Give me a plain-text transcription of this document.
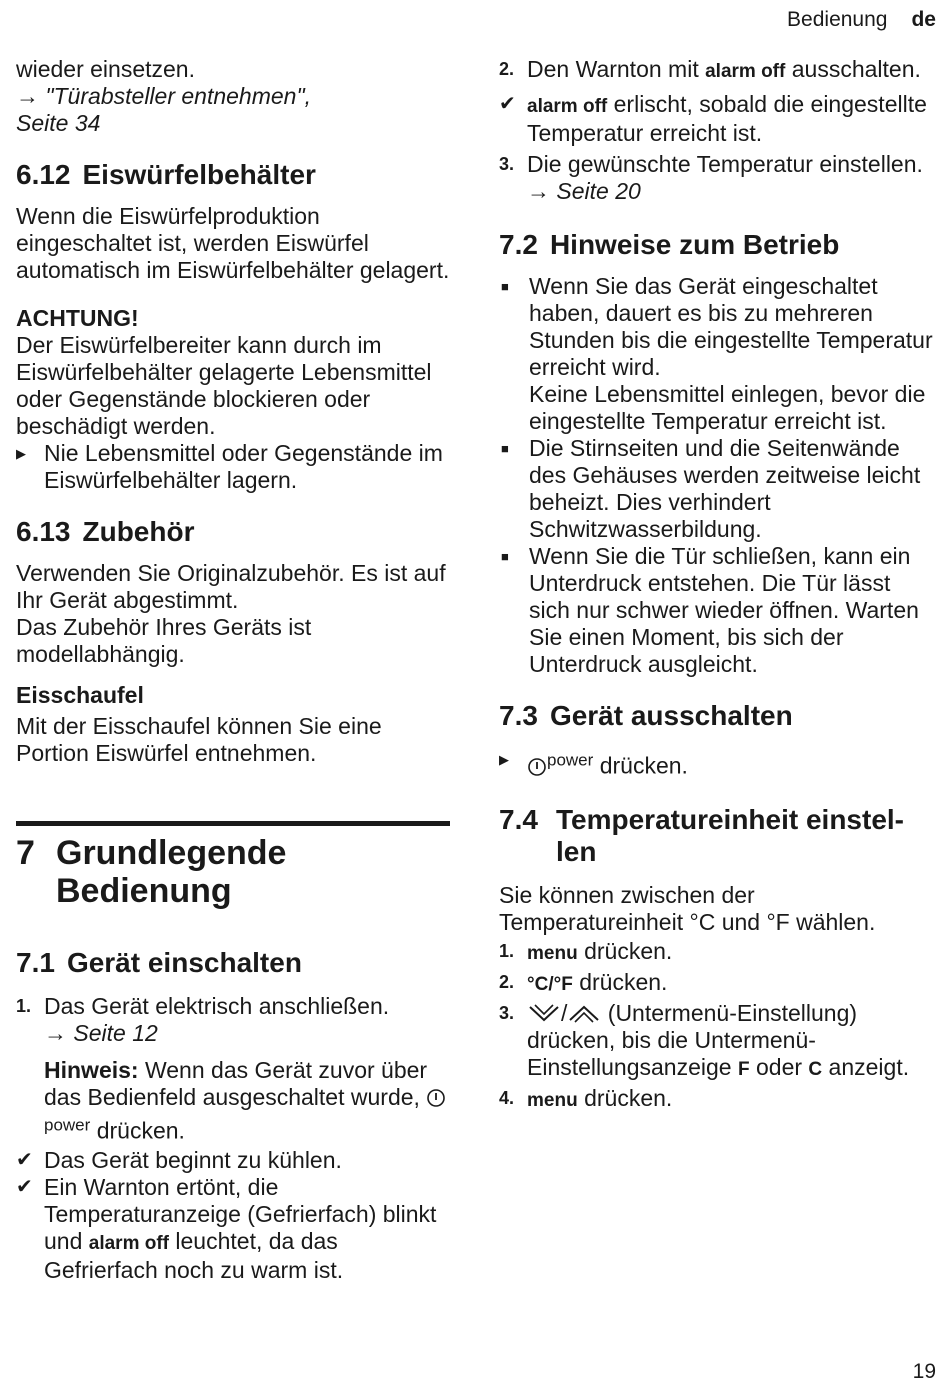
Bedienung de

wieder einsetzen.

→ "Türabsteller entnehmen", Seite 34

6.12 Eiswürfelbehälter

Wenn die Eiswürfelproduktion eingeschaltet ist, werden Eiswürfel automatisch im Eiswürfelbehälter gelagert.

ACHTUNG!

Der Eiswürfelbereiter kann durch im Eiswürfelbehälter gelagerte Lebensmittel oder Gegenstände blockieren oder beschädigt werden.

▶ Nie Lebensmittel oder Gegenstände im Eiswürfelbehälter lagern.
6.13 Zubehör

Verwenden Sie Originalzubehör. Es ist auf Ihr Gerät abgestimmt.

Das Zubehör Ihres Geräts ist modellabhängig.

Eisschaufel

Mit der Eisschaufel können Sie eine Portion Eiswürfel entnehmen.

7 Grundlegende
Bedienung
7.1 Gerät einschalten
1. Das Gerät elektrisch anschließen.
→ Seite 12
Hinweis: Wenn das Gerät zuvor über das Bedienfeld ausgeschaltet wurde, $^{power}$ drücken.
✔ Das Gerät beginnt zu kühlen.
✔ Ein Warnton ertönt, die Temperaturanzeige (Gefrierfach) blinkt und alarm off leuchtet, da das Gefrierfach noch zu warm ist.
2. Den Warnton mit alarm off ausschalten.
✔ alarm off erlischt, sobald die eingestellte Temperatur erreicht ist.
3. Die gewünschte Temperatur einstellen. → Seite 20
7.2 Hinweise zum Betrieb
■ Wenn Sie das Gerät eingeschaltet haben, dauert es bis zu mehreren Stunden bis die eingestellte Temperatur erreicht wird.
Keine Lebensmittel einlegen, bevor die eingestellte Temperatur erreicht ist.
■ Die Stirnseiten und die Seitenwände des Gehäuses werden zeitweise leicht beheizt. Dies verhindert Schwitzwasserbildung.
■ Wenn Sie die Tür schließen, kann ein Unterdruck entstehen. Die Tür lässt sich nur schwer wieder öffnen. Warten Sie einen Moment, bis sich der Unterdruck ausgleicht.
7.3 Gerät ausschalten
▶	$^{power}$ drücken.
7.4 Temperatureinheit einstel-
len

Sie können zwischen der Temperatureinheit °C und °F wählen.

1. menu drücken.
2. °C/°F drücken.
3.	/ (Untermenü-Einstellung) drücken, bis die Untermenü-Einstellungsanzeige F oder C anzeigt.
4. menu drücken.
19
